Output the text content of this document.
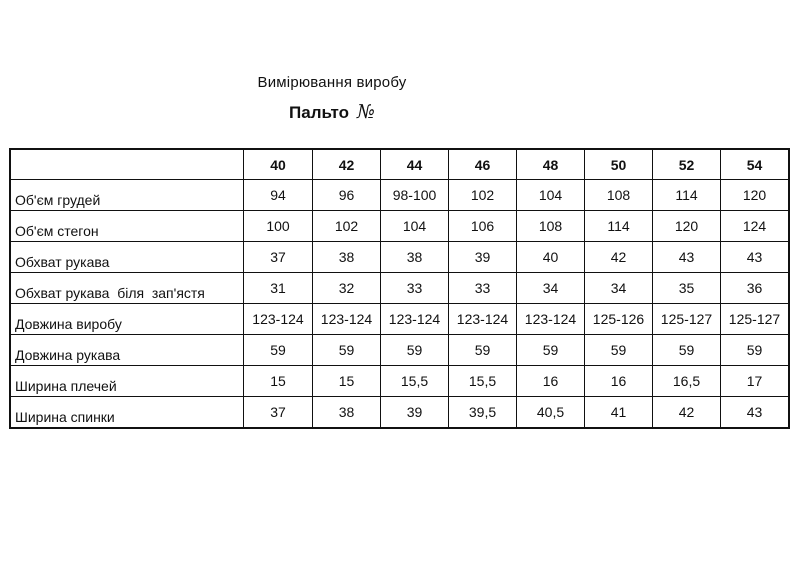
Вимірювання виробу
Пальто №
	40	42	44	46	48	50	52	54
Об'єм грудей	94	96	98-100	102	104	108	114	120
Об'єм стегон	100	102	104	106	108	114	120	124
Обхват рукава	37	38	38	39	40	42	43	43
Обхват рукава  біля  зап'ястя	31	32	33	33	34	34	35	36
Довжина виробу	123-124	123-124	123-124	123-124	123-124	125-126	125-127	125-127
Довжина рукава	59	59	59	59	59	59	59	59
Ширина плечей	15	15	15,5	15,5	16	16	16,5	17
Ширина спинки	37	38	39	39,5	40,5	41	42	43
